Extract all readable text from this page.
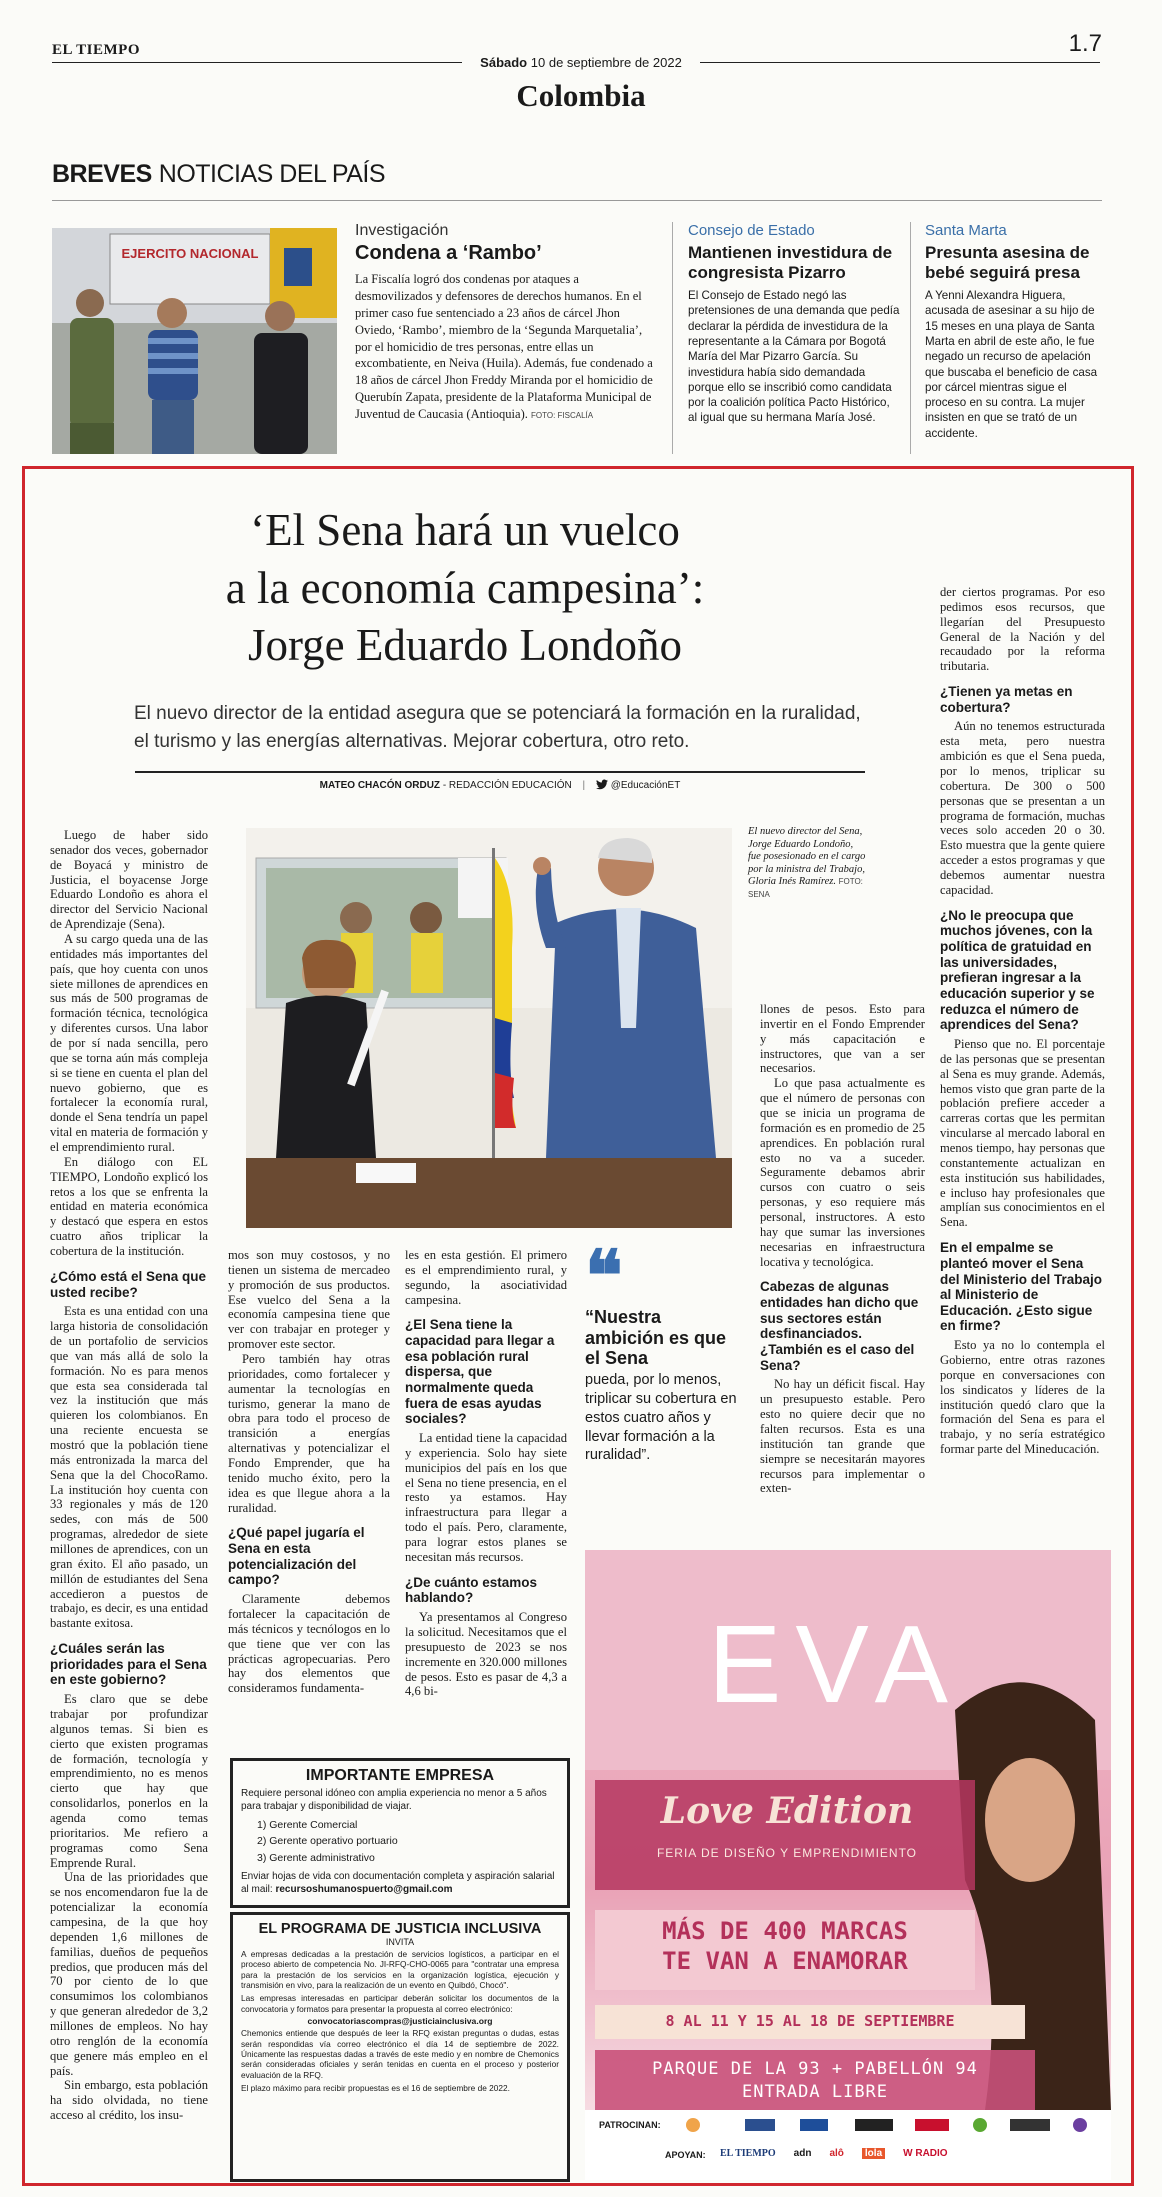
EL TIEMPO	1.7
Sábado 10 de septiembre de 2022
Colombia
BREVES NOTICIAS DEL PAÍS
EJERCITO NACIONAL
Investigación
Condena a ‘Rambo’
La Fiscalía logró dos condenas por ataques a desmovilizados y defensores de derechos humanos. En el primer caso fue sentenciado a 23 años de cárcel Jhon Oviedo, ‘Rambo’, miembro de la ‘Segunda Marquetalia’, por el homicidio de tres personas, entre ellas un excombatiente, en Neiva (Huila). Además, fue condenado a 18 años de cárcel Jhon Freddy Miranda por el homicidio de Querubín Zapata, presidente de la Plataforma Municipal de Juventud de Caucasia (Antioquia). FOTO: FISCALÍA
Consejo de Estado
Mantienen investidura de congresista Pizarro
El Consejo de Estado negó las pretensiones de una demanda que pedía declarar la pérdida de investidura de la representante a la Cámara por Bogotá María del Mar Pizarro García. Su investidura había sido demandada porque ello se inscribió como candidata por la coalición política Pacto Histórico, al igual que su hermana María José.
Santa Marta
Presunta asesina de bebé seguirá presa
A Yenni Alexandra Higuera, acusada de asesinar a su hijo de 15 meses en una playa de Santa Marta en abril de este año, le fue negado un recurso de apelación que buscaba el beneficio de casa por cárcel mientras sigue el proceso en su contra. La mujer insisten en que se trató de un accidente.
‘El Sena hará un vuelco
a la economía campesina’:
Jorge Eduardo Londoño
El nuevo director de la entidad asegura que se potenciará la formación en la ruralidad, el turismo y las energías alternativas. Mejorar cobertura, otro reto.
MATEO CHACÓN ORDUZ - REDACCIÓN EDUCACIÓN |	@EducaciónET
El nuevo director del Sena, Jorge Eduardo Londoño, fue posesionado en el cargo por la ministra del Trabajo, Gloria Inés Ramírez. FOTO: SENA

Luego de haber sido senador dos veces, gobernador de Boyacá y ministro de Justicia, el boyacense Jorge Eduardo Londoño es ahora el director del Servicio Nacional de Aprendizaje (Sena).

A su cargo queda una de las entidades más importantes del país, que hoy cuenta con unos siete millones de aprendices en sus más de 500 programas de formación técnica, tecnológica y diferentes cursos. Una labor de por sí nada sencilla, pero que se torna aún más compleja si se tiene en cuenta el plan del nuevo gobierno, que es fortalecer la economía rural, donde el Sena tendría un papel vital en materia de formación y el emprendimiento rural.

En diálogo con EL TIEMPO, Londoño explicó los retos a los que se enfrenta la entidad en materia económica y destacó que espera en estos cuatro años triplicar la cobertura de la institución.

¿Cómo está el Sena que usted recibe?

Esta es una entidad con una larga historia de consolidación de un portafolio de servicios que van más allá de solo la formación. No es para menos que esta sea considerada tal vez la institución que más quieren los colombianos. En una reciente encuesta se mostró que la población tiene más entronizada la marca del Sena que la del ChocoRamo. La institución hoy cuenta con 33 regionales y más de 120 sedes, con más de 500 programas, alrededor de siete millones de aprendices, con un gran éxito. El año pasado, un millón de estudiantes del Sena accedieron a puestos de trabajo, es decir, es una entidad bastante exitosa.

¿Cuáles serán las prioridades para el Sena en este gobierno?

Es claro que se debe trabajar por profundizar algunos temas. Si bien es cierto que existen programas de formación, tecnología y emprendimiento, no es menos cierto que hay que consolidarlos, ponerlos en la agenda como temas prioritarios. Me refiero a programas como Sena Emprende Rural.

Una de las prioridades que se nos encomendaron fue la de potencializar la economía campesina, de la que hoy dependen 1,6 millones de familias, dueños de pequeños predios, que producen más del 70 por ciento de lo que consumimos los colombianos y que generan alrededor de 3,2 millones de empleos. No hay otro renglón de la economía que genere más empleo en el país.

Sin embargo, esta población ha sido olvidada, no tiene acceso al crédito, los insu-

mos son muy costosos, y no tienen un sistema de mercadeo y promoción de sus productos. Ese vuelco del Sena a la economía campesina tiene que ver con trabajar en proteger y promover este sector.

Pero también hay otras prioridades, como fortalecer y aumentar la tecnologías en turismo, generar la mano de obra para todo el proceso de transición a energías alternativas y potencializar el Fondo Emprender, que ha tenido mucho éxito, pero la idea es que llegue ahora a la ruralidad.

¿Qué papel jugaría el Sena en esta potencialización del campo?

Claramente debemos fortalecer la capacitación de más técnicos y tecnólogos en lo que tiene que ver con las prácticas agropecuarias. Pero hay dos elementos que consideramos fundamenta-

les en esta gestión. El primero es el emprendimiento rural, y segundo, la asociatividad campesina.

¿El Sena tiene la capacidad para llegar a esa población rural dispersa, que normalmente queda fuera de esas ayudas sociales?

La entidad tiene la capacidad y experiencia. Solo hay siete municipios del país en los que el Sena no tiene presencia, en el resto ya estamos. Hay infraestructura para llegar a todo el país. Pero, claramente, para lograr estos planes se necesitan más recursos.

¿De cuánto estamos hablando?

Ya presentamos al Congreso la solicitud. Necesitamos que el presupuesto de 2023 se nos incremente en 320.000 millones de pesos. Esto es pasar de 4,3 a 4,6 bi-

❝
“Nuestra ambición es que el Sena
pueda, por lo menos, triplicar su cobertura en estos cuatro años y llevar formación a la ruralidad”.

llones de pesos. Esto para invertir en el Fondo Emprender y más capacitación e instructores, que van a ser necesarios.

Lo que pasa actualmente es que el número de personas con que se inicia un programa de formación es en promedio de 25 aprendices. En población rural esto no va a suceder. Seguramente debamos abrir cursos con cuatro o seis personas, y eso requiere más personal, instructores. A esto hay que sumar las inversiones necesarias en infraestructura locativa y tecnológica.

Cabezas de algunas entidades han dicho que sus sectores están desfinanciados. ¿También es el caso del Sena?

No hay un déficit fiscal. Hay un presupuesto estable. Pero esto no quiere decir que no falten recursos. Esta es una institución tan grande que siempre se necesitarán mayores recursos para implementar o exten-

der ciertos programas. Por eso pedimos esos recursos, que llegarían del Presupuesto General de la Nación y del recaudado por la reforma tributaria.

¿Tienen ya metas en cobertura?

Aún no tenemos estructurada esta meta, pero nuestra ambición es que el Sena pueda, por lo menos, triplicar su cobertura. De 300 o 500 personas que se presentan a un programa de formación, muchas veces solo acceden 20 o 30. Esto muestra que la gente quiere acceder a estos programas y que debemos aumentar nuestra capacidad.

¿No le preocupa que muchos jóvenes, con la política de gratuidad en las universidades, prefieran ingresar a la educación superior y se reduzca el número de aprendices del Sena?

Pienso que no. El porcentaje de las personas que se presentan al Sena es muy grande. Además, hemos visto que gran parte de la población prefiere acceder a carreras cortas que les permitan vincularse al mercado laboral en menos tiempo, hay personas que constantemente actualizan en esta institución sus habilidades, e incluso hay profesionales que amplían sus conocimientos en el Sena.

En el empalme se planteó mover el Sena del Ministerio del Trabajo al Ministerio de Educación. ¿Esto sigue en firme?

Esto ya no lo contempla el Gobierno, entre otras razones porque en conversaciones con los sindicatos y líderes de la institución quedó claro que la formación del Sena es para el trabajo, y no sería estratégico formar parte del Mineducación.

IMPORTANTE EMPRESA
Requiere personal idóneo con amplia experiencia no menor a 5 años para trabajar y disponibilidad de viajar.
1) Gerente Comercial
2) Gerente operativo portuario
3) Gerente administrativo
Enviar hojas de vida con documentación completa y aspiración salarial al mail: recursoshumanospuerto@gmail.com
EL PROGRAMA DE JUSTICIA INCLUSIVA
INVITA
A empresas dedicadas a la prestación de servicios logísticos, a participar en el proceso abierto de competencia No. JI-RFQ-CHO-0065 para "contratar una empresa para la prestación de los servicios en la organización logística, ejecución y transmisión en vivo, para la realización de un evento en Quibdó, Chocó".
Las empresas interesadas en participar deberán solicitar los documentos de la convocatoria y formatos para presentar la propuesta al correo electrónico:
convocatoriascompras@justiciainclusiva.org
Chemonics entiende que después de leer la RFQ existan preguntas o dudas, estas serán respondidas vía correo electrónico el día 14 de septiembre de 2022. Únicamente las respuestas dadas a través de este medio y en nombre de Chemonics serán consideradas oficiales y serán tenidas en cuenta en el proceso y posterior evaluación de la RFQ.
El plazo máximo para recibir propuestas es el 16 de septiembre de 2022.
EVA
Love Edition
FERIA DE DISEÑO Y EMPRENDIMIENTO
MÁS DE 400 MARCAS
TE VAN A ENAMORAR
8 AL 11 Y 15 AL 18 DE SEPTIEMBRE
PARQUE DE LA 93 + PABELLÓN 94
ENTRADA LIBRE
PATROCINAN:
APOYAN: EL TIEMPO adn alô	lola	W RADIO
